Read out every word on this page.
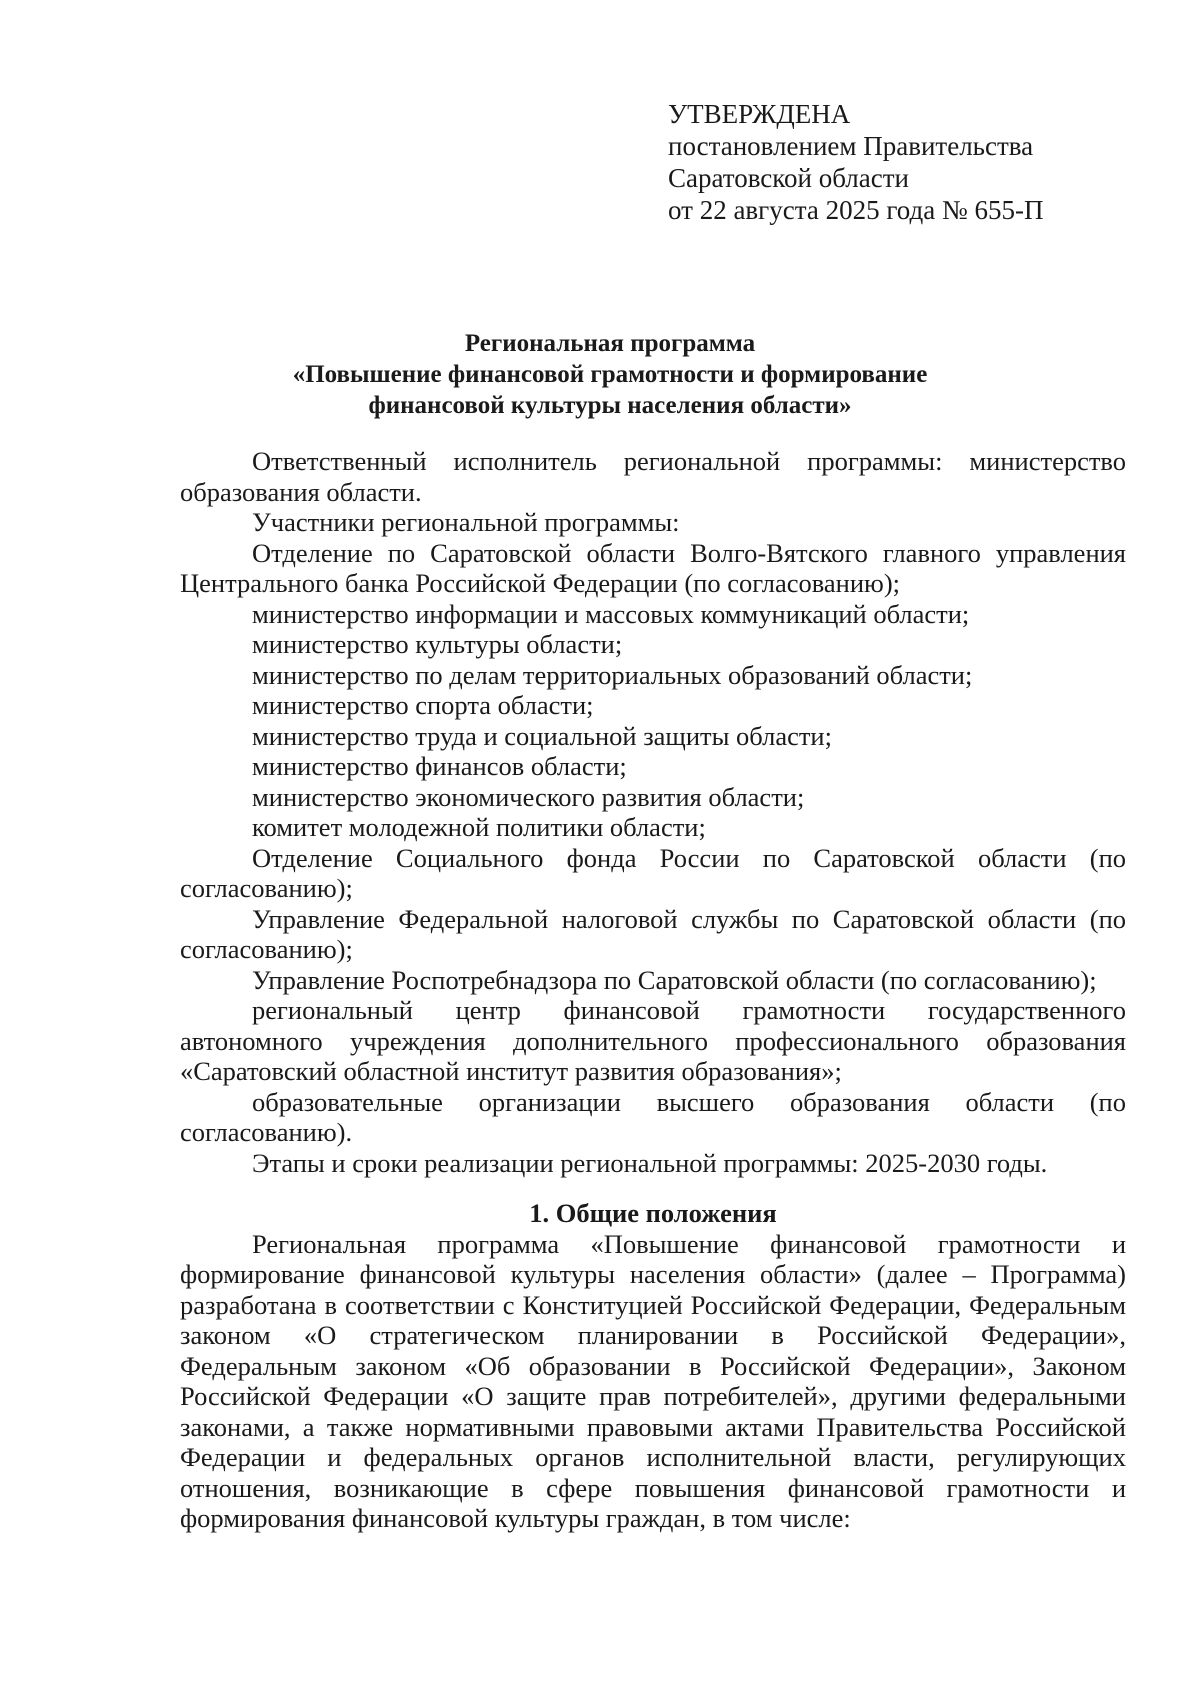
УТВЕРЖДЕНА
постановлением Правительства
Саратовской области
от 22 августа 2025 года № 655-П
Региональная программа
«Повышение финансовой грамотности и формирование
финансовой культуры населения области»

Ответственный исполнитель региональной программы: министерство образования области.

Участники региональной программы:

Отделение по Саратовской области Волго-Вятского главного управления Центрального банка Российской Федерации (по согласованию);

министерство информации и массовых коммуникаций области;

министерство культуры области;

министерство по делам территориальных образований области;

министерство спорта области;

министерство труда и социальной защиты области;

министерство финансов области;

министерство экономического развития области;

комитет молодежной политики области;

Отделение Социального фонда России по Саратовской области (по согласованию);

Управление Федеральной налоговой службы по Саратовской области (по согласованию);

Управление Роспотребнадзора по Саратовской области (по согласованию);

региональный центр финансовой грамотности государственного автономного учреждения дополнительного профессионального образования «Саратовский областной институт развития образования»;

образовательные организации высшего образования области (по согласованию).

Этапы и сроки реализации региональной программы: 2025-2030 годы.

1. Общие положения

Региональная программа «Повышение финансовой грамотности и формирование финансовой культуры населения области» (далее – Программа) разработана в соответствии с Конституцией Российской Федерации, Федеральным законом «О стратегическом планировании в Российской Федерации», Федеральным законом «Об образовании в Российской Федерации», Законом Российской Федерации «О защите прав потребителей», другими федеральными законами, а также нормативными правовыми актами Правительства Российской Федерации и федеральных органов исполнительной власти, регулирующих отношения, возникающие в сфере повышения финансовой грамотности и формирования финансовой культуры граждан, в том числе:
